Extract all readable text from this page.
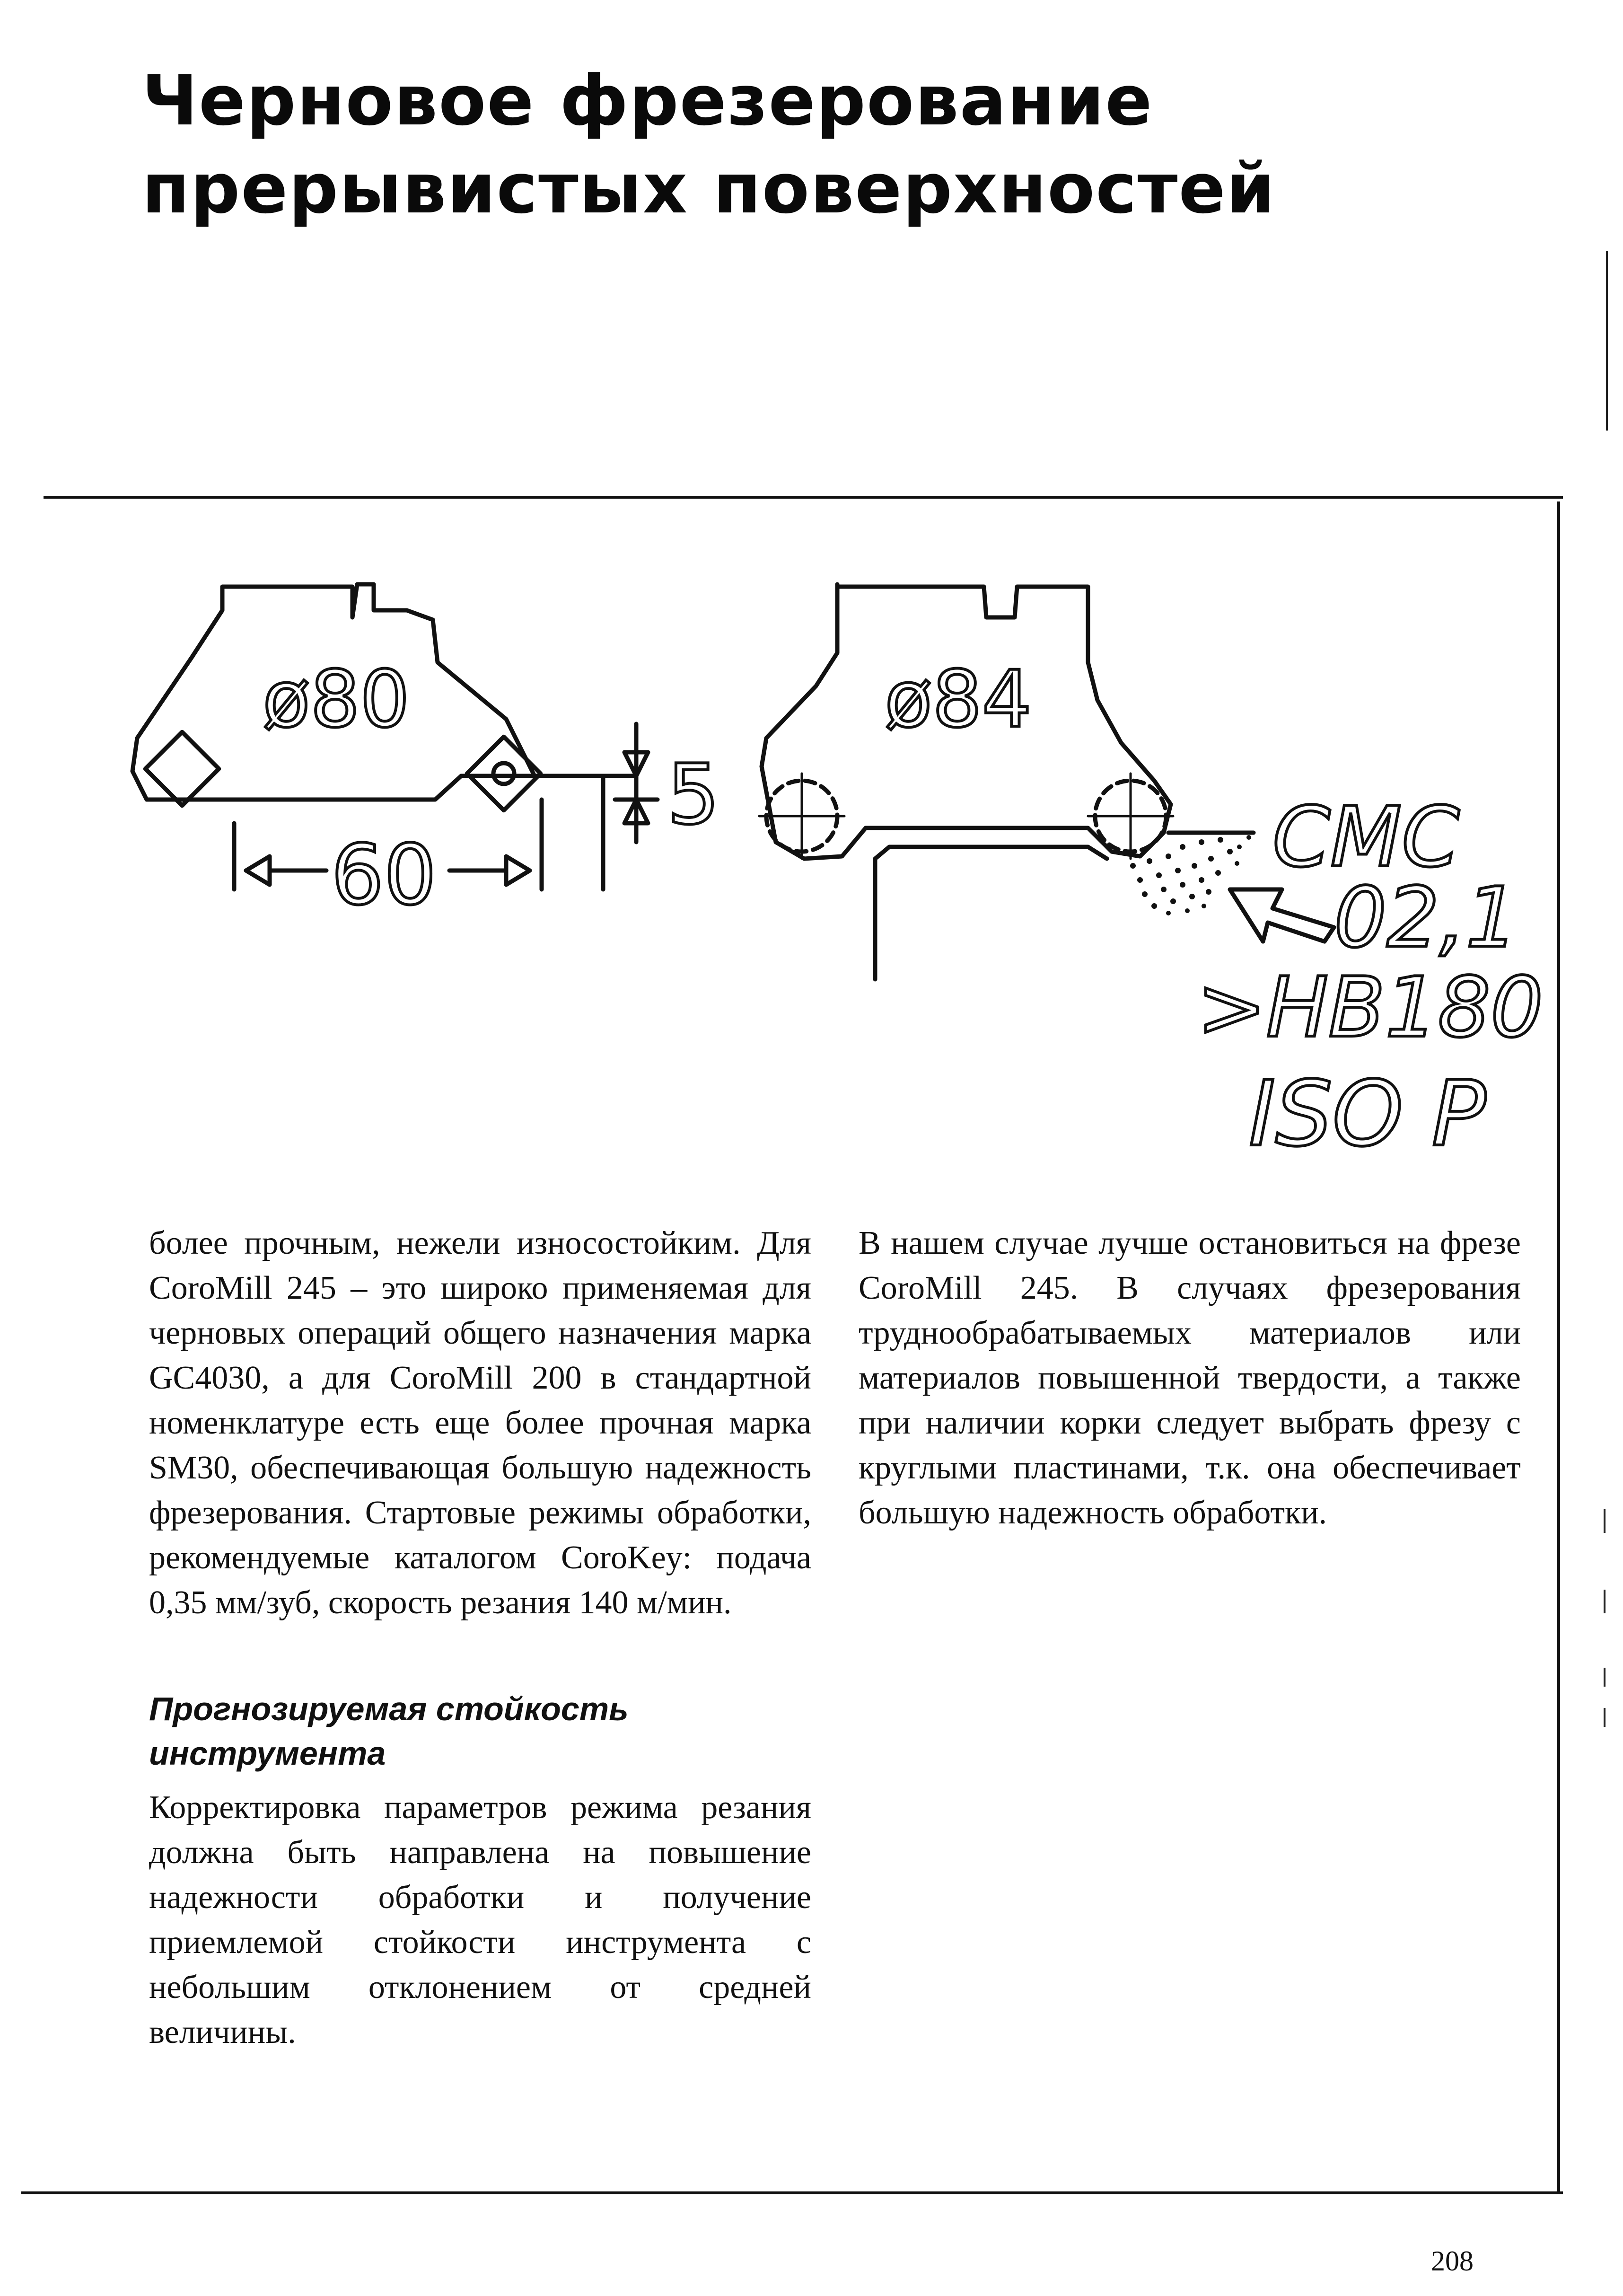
Черновое фрезерование прерывистых поверхностей
ø80	ø84
60
5	CMC
02,1
>HB180
ISO P

более прочным, нежели износостойким. Для CoroMill 245 – это широко применяемая для черновых операций общего назначения марка GC4030, а для CoroMill 200 в стандартной номенклатуре есть еще более прочная марка SM30, обеспечивающая большую надежность фрезерования. Стартовые режимы обработки, рекомендуемые каталогом CoroKey: подача 0,35 мм/зуб, скорость резания 140 м/мин.

Прогнозируемая стойкость инструмента

Корректировка параметров режима резания должна быть направлена на повышение надежности обработки и получение приемлемой стойкости инструмента с небольшим отклонением от средней величины.

В нашем случае лучше остановиться на фрезе CoroMill 245. В случаях фрезерования труднообрабатываемых материалов или материалов повышенной твердости, а также при наличии корки следует выбрать фрезу с круглыми пластинами, т.к. она обеспечивает большую надежность обработки.

208
